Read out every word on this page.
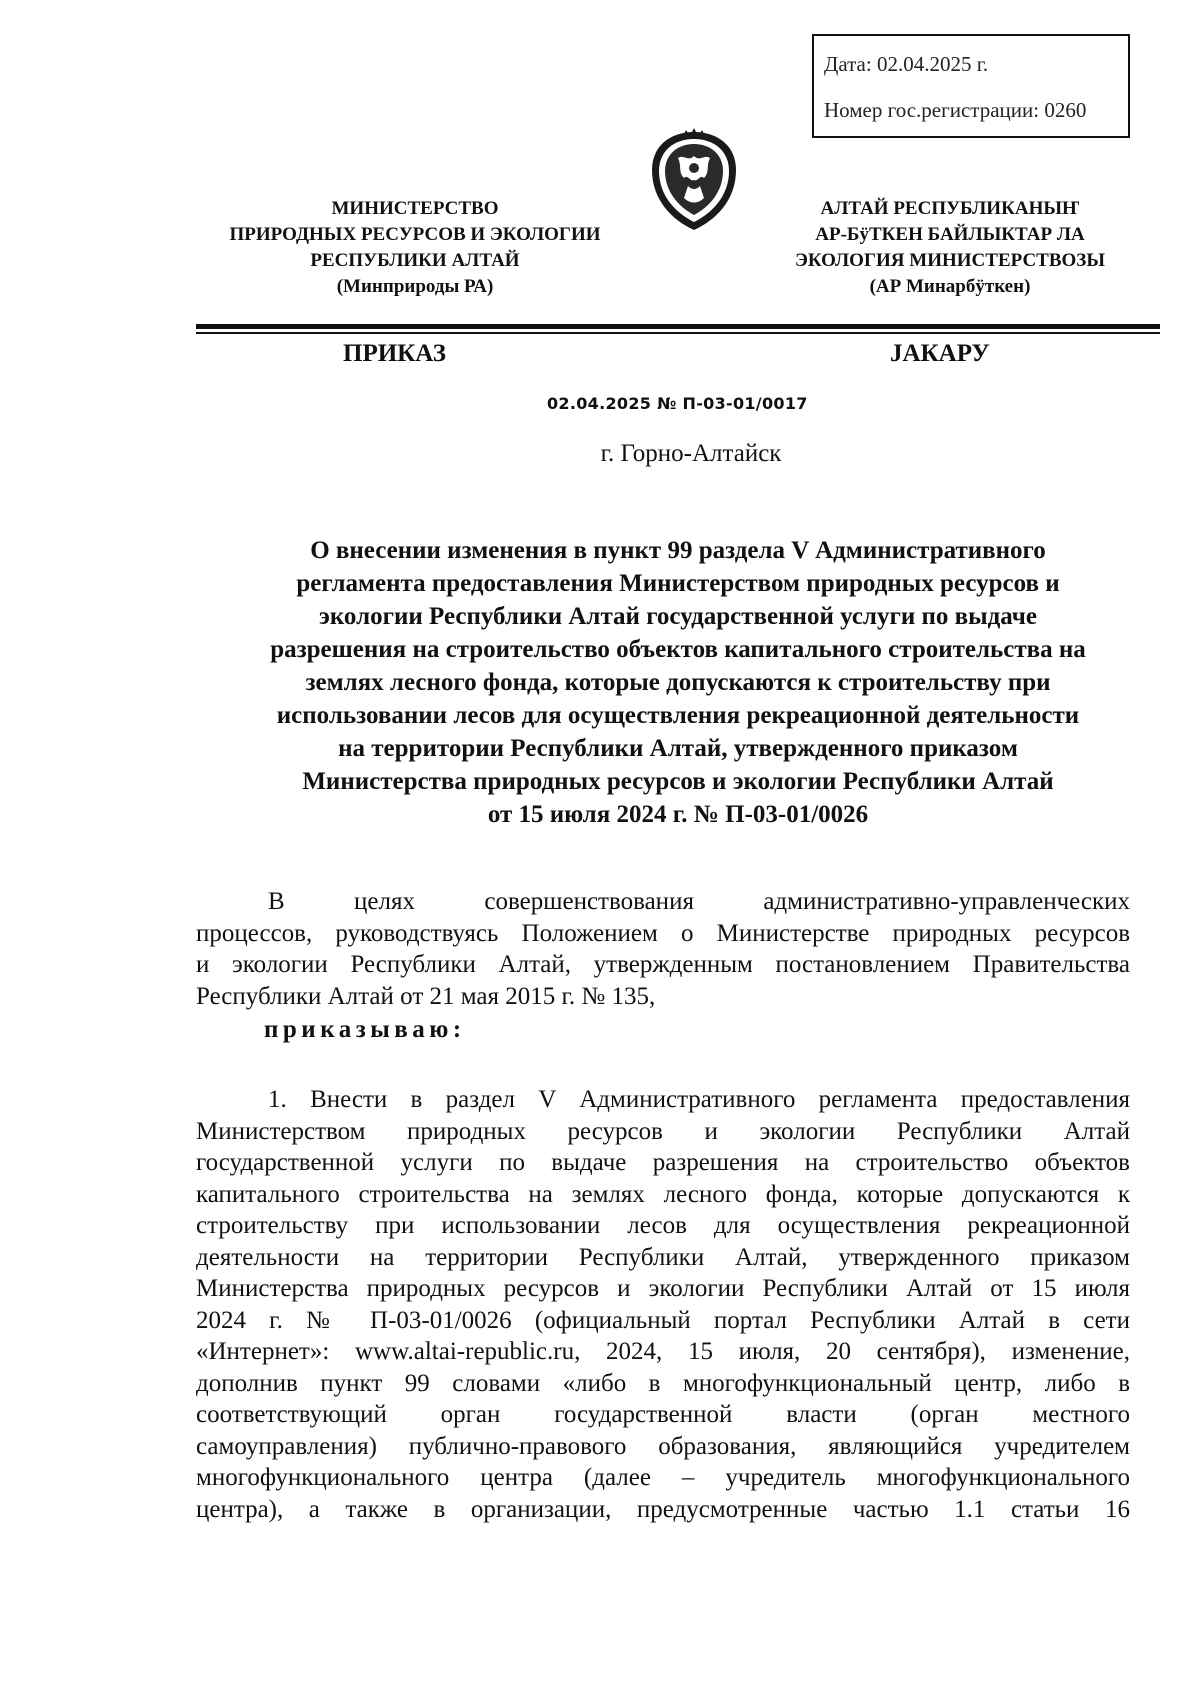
Дата: 02.04.2025 г.
Номер гос.регистрации: 0260
МИНИСТЕРСТВО
ПРИРОДНЫХ РЕСУРСОВ И ЭКОЛОГИИ
РЕСПУБЛИКИ АЛТАЙ
(Минприроды РА)
АЛТАЙ РЕСПУБЛИКАНЫҤ
АР-БÿТКЕН БАЙЛЫКТАР ЛА
ЭКОЛОГИЯ МИНИСТЕРСТВОЗЫ
(АР Минарбÿткен)
ПРИКАЗ	ЈАКАРУ
02.04.2025 № П-03-01/0017
г. Горно-Алтайск
О внесении изменения в пункт 99 раздела V Административного
регламента предоставления Министерством природных ресурсов и
экологии Республики Алтай государственной услуги по выдаче
разрешения на строительство объектов капитального строительства на
землях лесного фонда, которые допускаются к строительству при
использовании лесов для осуществления рекреационной деятельности
на территории Республики Алтай, утвержденного приказом
Министерства природных ресурсов и экологии Республики Алтай
от 15 июля 2024 г. № П-03-01/0026
В целях совершенствования административно-управленческих
процессов, руководствуясь Положением о Министерстве природных ресурсов
и экологии Республики Алтай, утвержденным постановлением Правительства
Республики Алтай от 21 мая 2015 г. № 135,
приказываю:
1. Внести в раздел V Административного регламента предоставления
Министерством природных ресурсов и экологии Республики Алтай
государственной услуги по выдаче разрешения на строительство объектов
капитального строительства на землях лесного фонда, которые допускаются к
строительству при использовании лесов для осуществления рекреационной
деятельности на территории Республики Алтай, утвержденного приказом
Министерства природных ресурсов и экологии Республики Алтай от 15 июля
2024 г. № П-03-01/0026 (официальный портал Республики Алтай в сети
«Интернет»: www.altai-republic.ru, 2024, 15 июля, 20 сентября), изменение,
дополнив пункт 99 словами «либо в многофункциональный центр, либо в
соответствующий орган государственной власти (орган местного
самоуправления) публично-правового образования, являющийся учредителем
многофункционального центра (далее – учредитель многофункционального
центра), а также в организации, предусмотренные частью 1.1 статьи 16
